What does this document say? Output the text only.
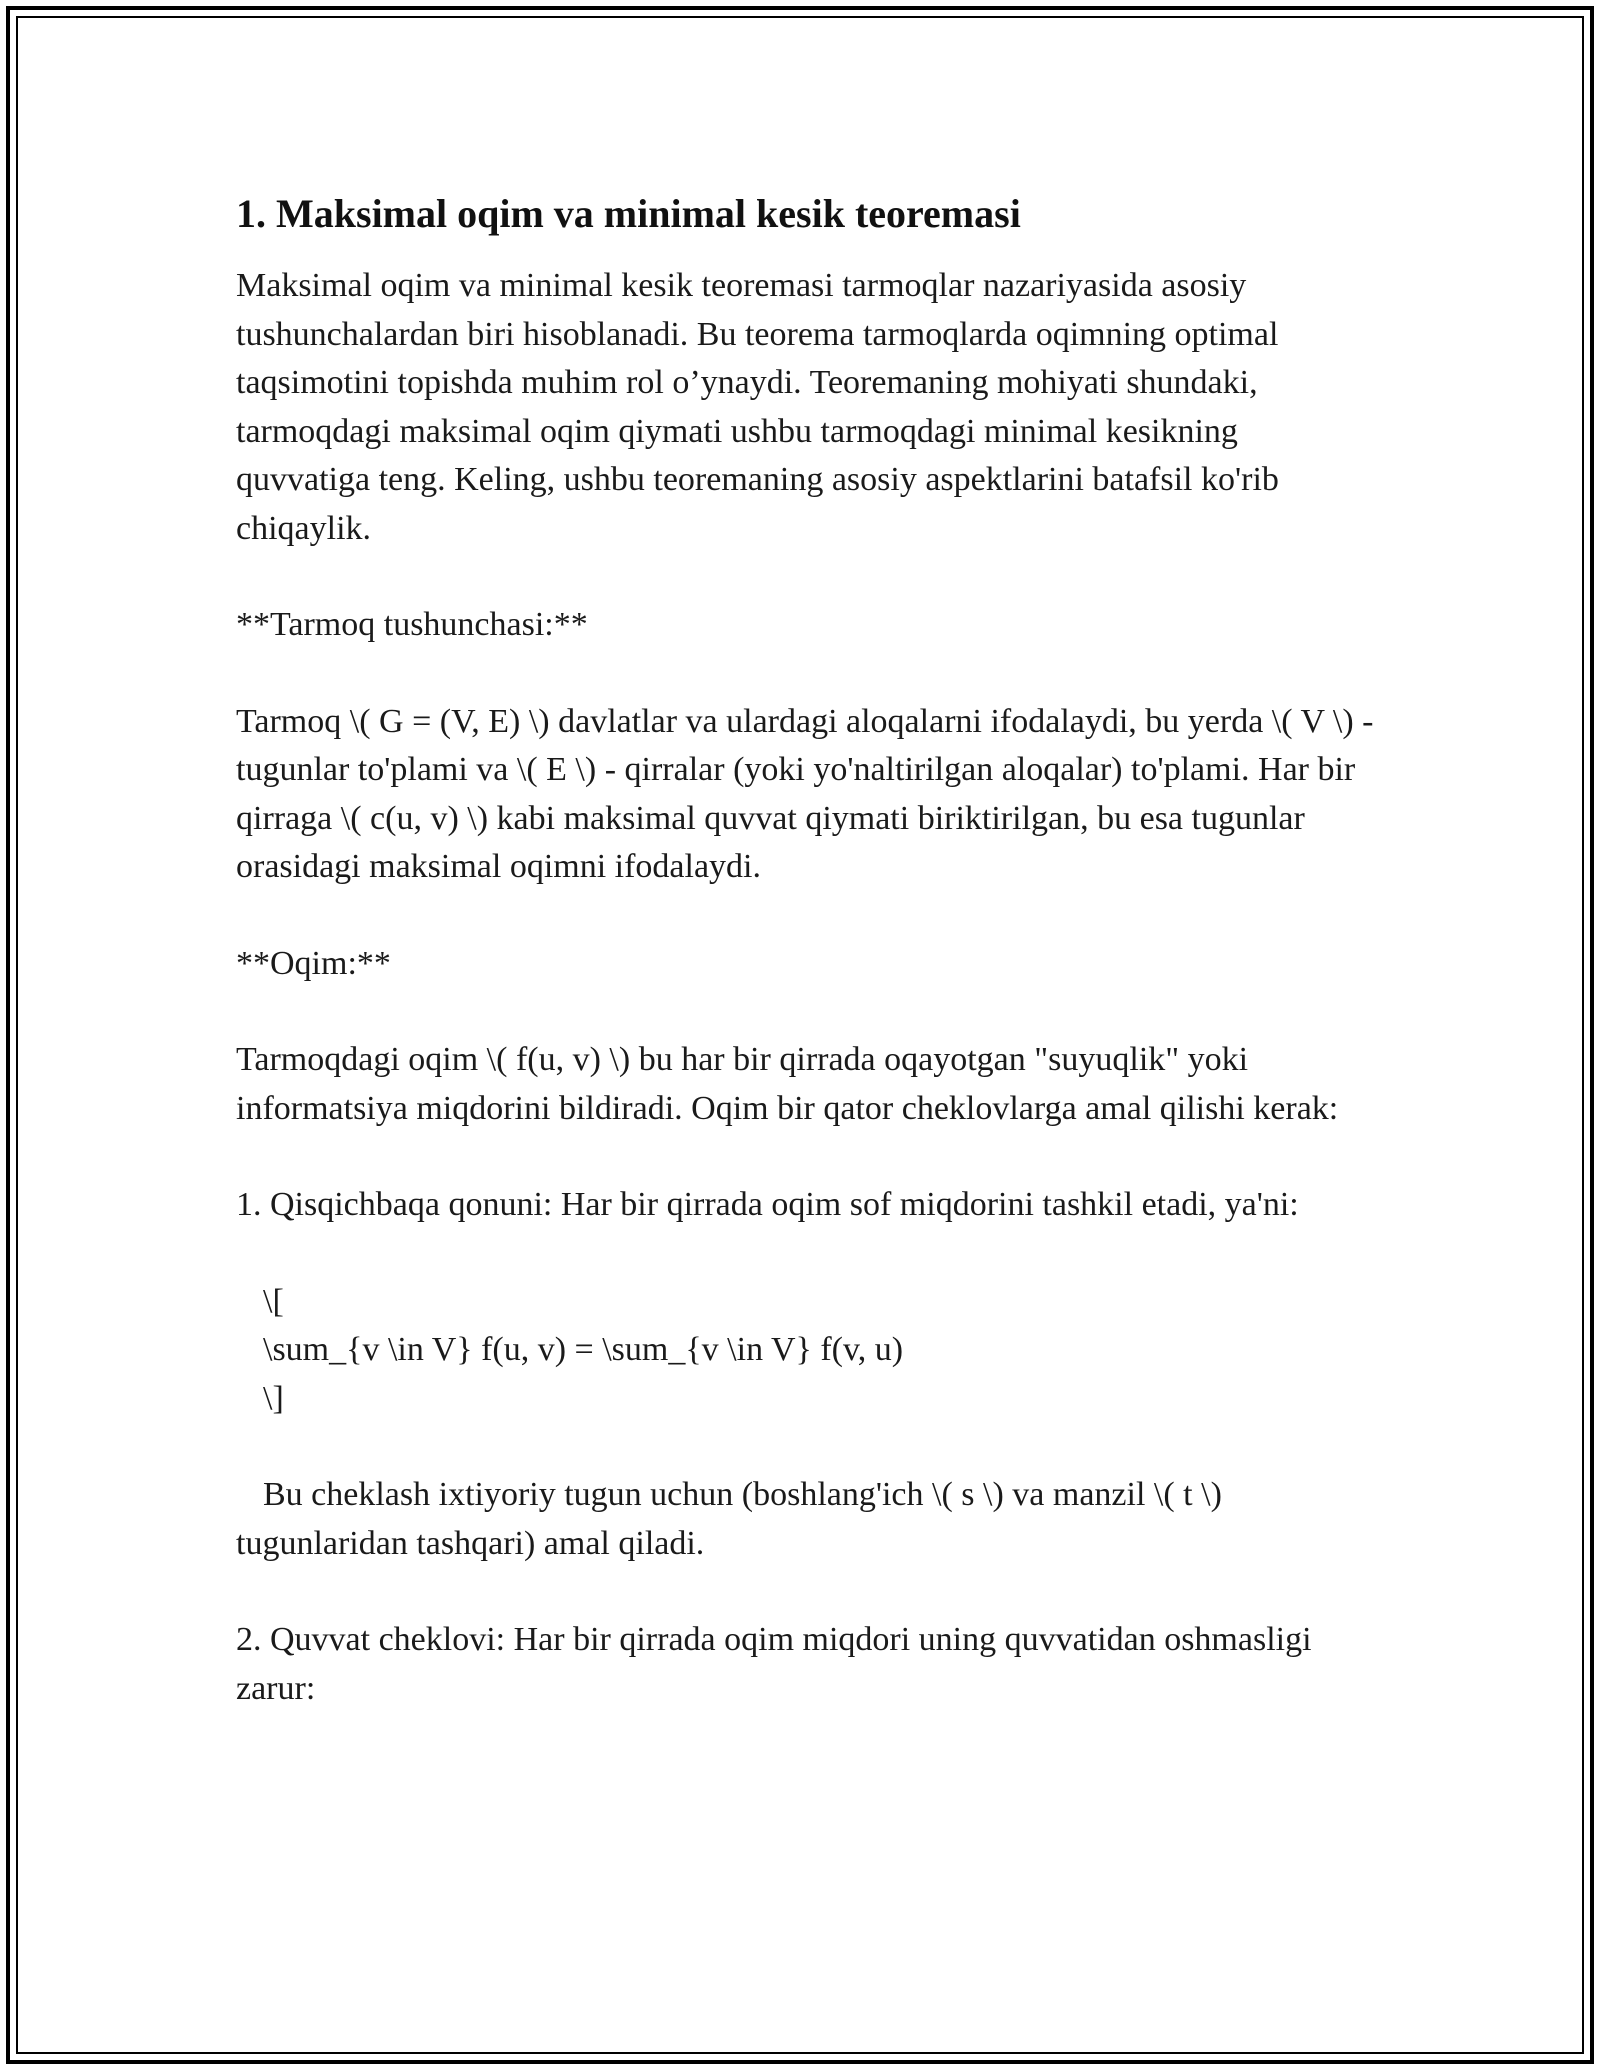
1. Maksimal oqim va minimal kesik teoremasi

Maksimal oqim va minimal kesik teoremasi tarmoqlar nazariyasida asosiy tushunchalardan biri hisoblanadi. Bu teorema tarmoqlarda oqimning optimal taqsimotini topishda muhim rol o’ynaydi. Teoremaning mohiyati shundaki, tarmoqdagi maksimal oqim qiymati ushbu tarmoqdagi minimal kesikning quvvatiga teng. Keling, ushbu teoremaning asosiy aspektlarini batafsil ko'rib chiqaylik.

**Tarmoq tushunchasi:**

Tarmoq \( G = (V, E) \) davlatlar va ulardagi aloqalarni ifodalaydi, bu yerda \( V \) - tugunlar to'plami va \( E \) - qirralar (yoki yo'naltirilgan aloqalar) to'plami. Har bir qirraga \( c(u, v) \) kabi maksimal quvvat qiymati biriktirilgan, bu esa tugunlar orasidagi maksimal oqimni ifodalaydi.

**Oqim:**

Tarmoqdagi oqim \( f(u, v) \) bu har bir qirrada oqayotgan "suyuqlik" yoki informatsiya miqdorini bildiradi. Oqim bir qator cheklovlarga amal qilishi kerak:

1. Qisqichbaqa qonuni: Har bir qirrada oqim sof miqdorini tashkil etadi, ya'ni:

\[
\sum_{v \in V} f(u, v) = \sum_{v \in V} f(v, u)
\]

Bu cheklash ixtiyoriy tugun uchun (boshlang'ich \( s \) va manzil \( t \) tugunlaridan tashqari) amal qiladi.

2. Quvvat cheklovi: Har bir qirrada oqim miqdori uning quvvatidan oshmasligi zarur:
